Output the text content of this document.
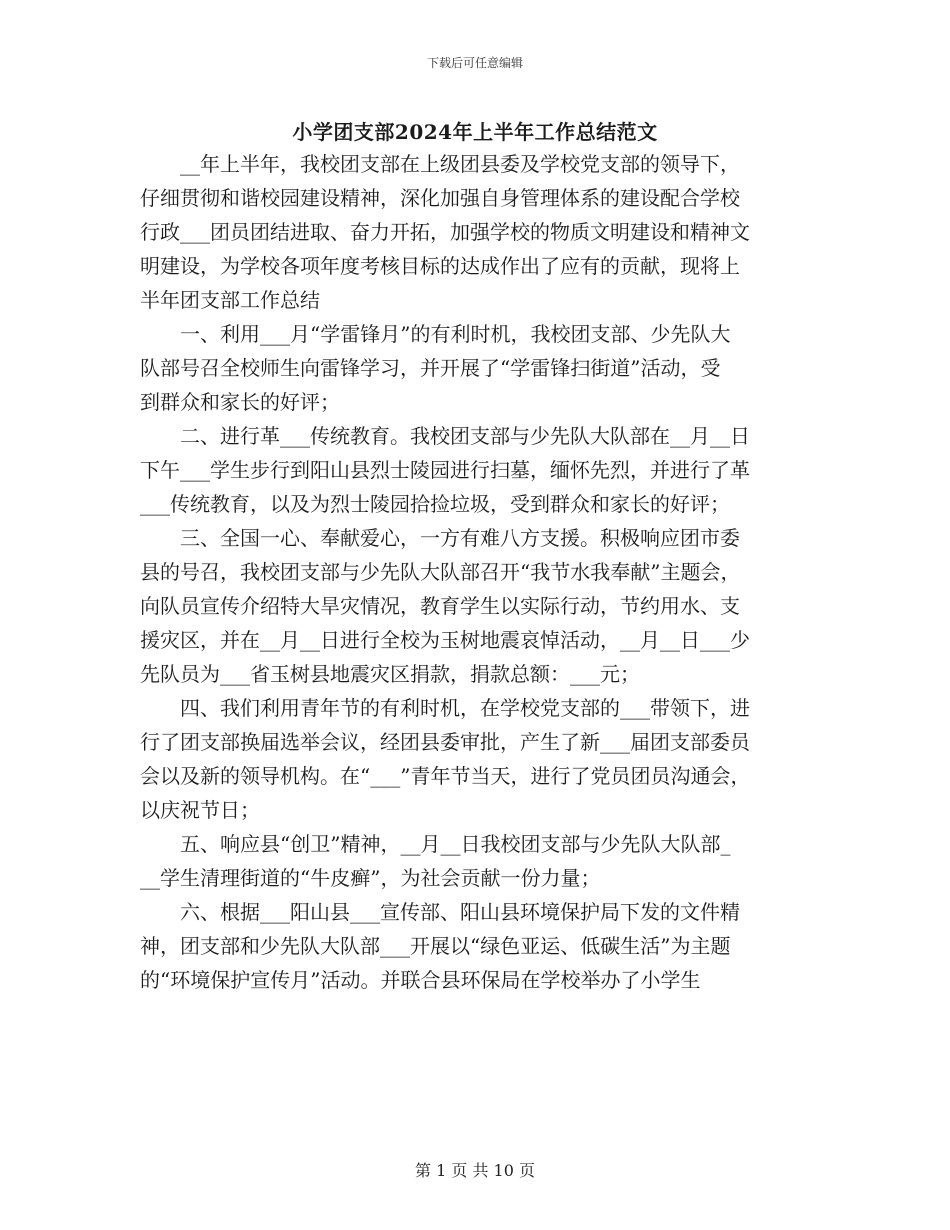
下载后可任意编辑
小学团支部2024年上半年工作总结范文
　　__年上半年，我校团支部在上级团县委及学校党支部的领导下，
仔细贯彻和谐校园建设精神，深化加强自身管理体系的建设配合学校
行政___团员团结进取、奋力开拓，加强学校的物质文明建设和精神文
明建设，为学校各项年度考核目标的达成作出了应有的贡献，现将上
半年团支部工作总结
　　一、利用___月“学雷锋月”的有利时机，我校团支部、少先队大
队部号召全校师生向雷锋学习，并开展了“学雷锋扫街道”活动，受
到群众和家长的好评；
　　二、进行革___传统教育。我校团支部与少先队大队部在__月__日
下午___学生步行到阳山县烈士陵园进行扫墓，缅怀先烈，并进行了革
___传统教育，以及为烈士陵园拾捡垃圾，受到群众和家长的好评；
　　三、全国一心、奉献爱心，一方有难八方支援。积极响应团市委
县的号召，我校团支部与少先队大队部召开“我节水我奉献”主题会，
向队员宣传介绍特大旱灾情况，教育学生以实际行动，节约用水、支
援灾区，并在__月__日进行全校为玉树地震哀悼活动，__月__日___少
先队员为___省玉树县地震灾区捐款，捐款总额：___元；
　　四、我们利用青年节的有利时机，在学校党支部的___带领下，进
行了团支部换届选举会议，经团县委审批，产生了新___届团支部委员
会以及新的领导机构。在“___”青年节当天，进行了党员团员沟通会，
以庆祝节日；
　　五、响应县“创卫”精神，__月__日我校团支部与少先队大队部_
__学生清理街道的“牛皮癣”，为社会贡献一份力量；
　　六、根据___阳山县___宣传部、阳山县环境保护局下发的文件精
神，团支部和少先队大队部___开展以“绿色亚运、低碳生活”为主题
的“环境保护宣传月”活动。并联合县环保局在学校举办了小学生
第 1 页 共 10 页
